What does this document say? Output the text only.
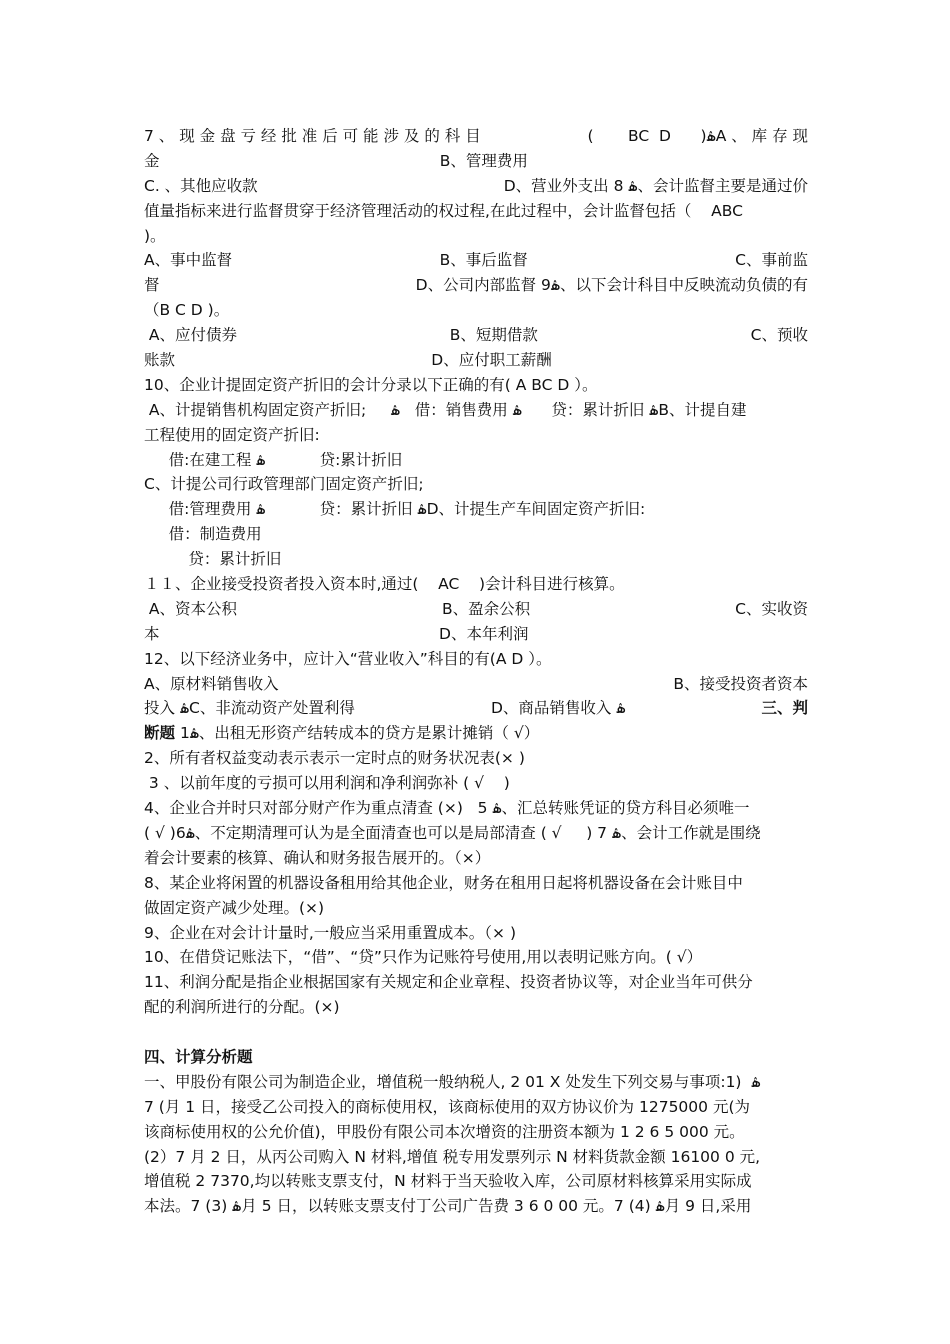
7 、 现 金 盘 亏 经 批 准 后 可 能 涉 及 的 科 目	(       BC  D      )ۿA 、 库 存 现
金	B、管理费用
C. 、其他应收款	D、营业外支出 8 ۿ、会计监督主要是通过价
值量指标来进行监督贯穿于经济管理活动的权过程,在此过程中，会计监督包括（    ABC
)。
A、事中监督	B、事后监督	C、事前监
督	D、公司内部监督 9ۿ、以下会计科目中反映流动负债的有
（B C D )。
A、应付债券	B、短期借款	C、预收
账款	D、应付职工薪酬
10、企业计提固定资产折旧的会计分录以下正确的有( A BC D ）。
A、计提销售机构固定资产折旧;     ۿ   借：销售费用 ۿ      贷：累计折旧 ۿB、计提自建
工程使用的固定资产折旧:
借:在建工程 ۿ           贷:累计折旧
C、计提公司行政管理部门固定资产折旧;
借:管理费用 ۿ           贷：累计折旧 ۿD、计提生产车间固定资产折旧:
借：制造费用
贷：累计折旧
１１、企业接受投资者投入资本时,通过(    AC    )会计科目进行核算。
A、资本公积	B、盈余公积	C、实收资
本	D、本年利润
12、以下经济业务中，应计入“营业收入”科目的有(A D ）。
A、原材料销售收入	B、接受投资者资本
投入 ۿC、非流动资产处置利得	D、商品销售收入 ۿ	三、判
断题 1ۿ、出租无形资产结转成本的贷方是累计摊销（ √）
2、所有者权益变动表示表示一定时点的财务状况表(× )
3 、以前年度的亏损可以用利润和净利润弥补 ( √    )
4、企业合并时只对部分财产作为重点清查 (×)   5 ۿ、汇总转账凭证的贷方科目必须唯一
( √ )6ۿ、不定期清理可认为是全面清查也可以是局部清查 ( √     ) 7 ۿ、会计工作就是围绕
着会计要素的核算、确认和财务报告展开的。（×）
8、某企业将闲置的机器设备租用给其他企业，财务在租用日起将机器设备在会计账目中
做固定资产减少处理。(×)
9、企业在对会计计量时,一般应当采用重置成本。（× )
10、在借贷记账法下，“借”、“贷”只作为记账符号使用,用以表明记账方向。( √）
11、利润分配是指企业根据国家有关规定和企业章程、投资者协议等，对企业当年可供分
配的利润所进行的分配。(×)
四、计算分析题
一、甲股份有限公司为制造企业，增值税一般纳税人, 2 01 X 处发生下列交易与事项:1)  ۿ
7 (月 1 日，接受乙公司投入的商标使用权，该商标使用的双方协议价为 1275000 元(为
该商标使用权的公允价值)，甲股份有限公司本次增资的注册资本额为 1 2 6 5 000 元。
(2）7 月 2 日，从丙公司购入 N 材料,增值 税专用发票列示 N 材料货款金额 16100 0 元,
增值税 2 7370,均以转账支票支付，N 材料于当天验收入库，公司原材料核算采用实际成
本法。7 (3) ۿ月 5 日，以转账支票支付丁公司广告费 3 6 0 00 元。7 (4) ۿ月 9 日,采用
